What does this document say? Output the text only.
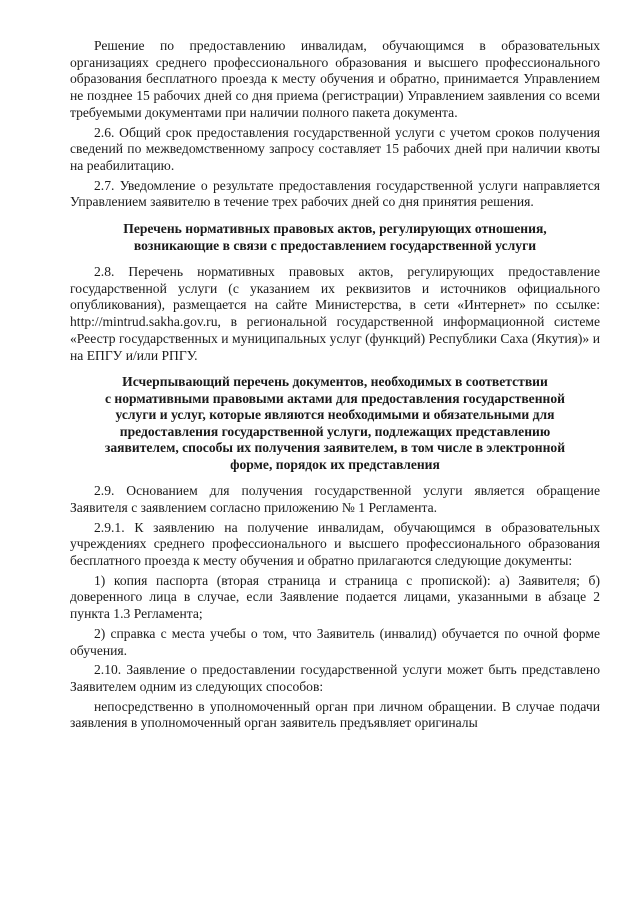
Решение по предоставлению инвалидам, обучающимся в образовательных организациях среднего профессионального образования и высшего профессионального образования бесплатного проезда к месту обучения и обратно, принимается Управлением не позднее 15 рабочих дней со дня приема (регистрации) Управлением заявления со всеми требуемыми документами при наличии полного пакета документа.

2.6. Общий срок предоставления государственной услуги с учетом сроков получения сведений по межведомственному запросу составляет 15 рабочих дней при наличии квоты на реабилитацию.

2.7. Уведомление о результате предоставления государственной услуги направляется Управлением заявителю в течение трех рабочих дней со дня принятия решения.

Перечень нормативных правовых актов, регулирующих отношения,
возникающие в связи с предоставлением государственной услуги

2.8. Перечень нормативных правовых актов, регулирующих предоставление государственной услуги (с указанием их реквизитов и источников официального опубликования), размещается на сайте Министерства, в сети «Интернет» по ссылке: http://mintrud.sakha.gov.ru, в региональной государственной информационной системе «Реестр государственных и муниципальных услуг (функций) Республики Саха (Якутия)» и на ЕПГУ и/или РПГУ.

Исчерпывающий перечень документов, необходимых в соответствии
с нормативными правовыми актами для предоставления государственной
услуги и услуг, которые являются необходимыми и обязательными для
предоставления государственной услуги, подлежащих представлению
заявителем, способы их получения заявителем, в том числе в электронной
форме, порядок их представления

2.9. Основанием для получения государственной услуги является обращение Заявителя с заявлением согласно приложению № 1 Регламента.

2.9.1. К заявлению на получение инвалидам, обучающимся в образовательных учреждениях среднего профессионального и высшего профессионального образования бесплатного проезда к месту обучения и обратно прилагаются следующие документы:

1) копия паспорта (вторая страница и страница с пропиской): а) Заявителя; б) доверенного лица в случае, если Заявление подается лицами, указанными в абзаце 2 пункта 1.3 Регламента;

2) справка с места учебы о том, что Заявитель (инвалид) обучается по очной форме обучения.

2.10. Заявление о предоставлении государственной услуги может быть представлено Заявителем одним из следующих способов:

непосредственно в уполномоченный орган при личном обращении. В случае подачи заявления в уполномоченный орган заявитель предъявляет оригиналы
